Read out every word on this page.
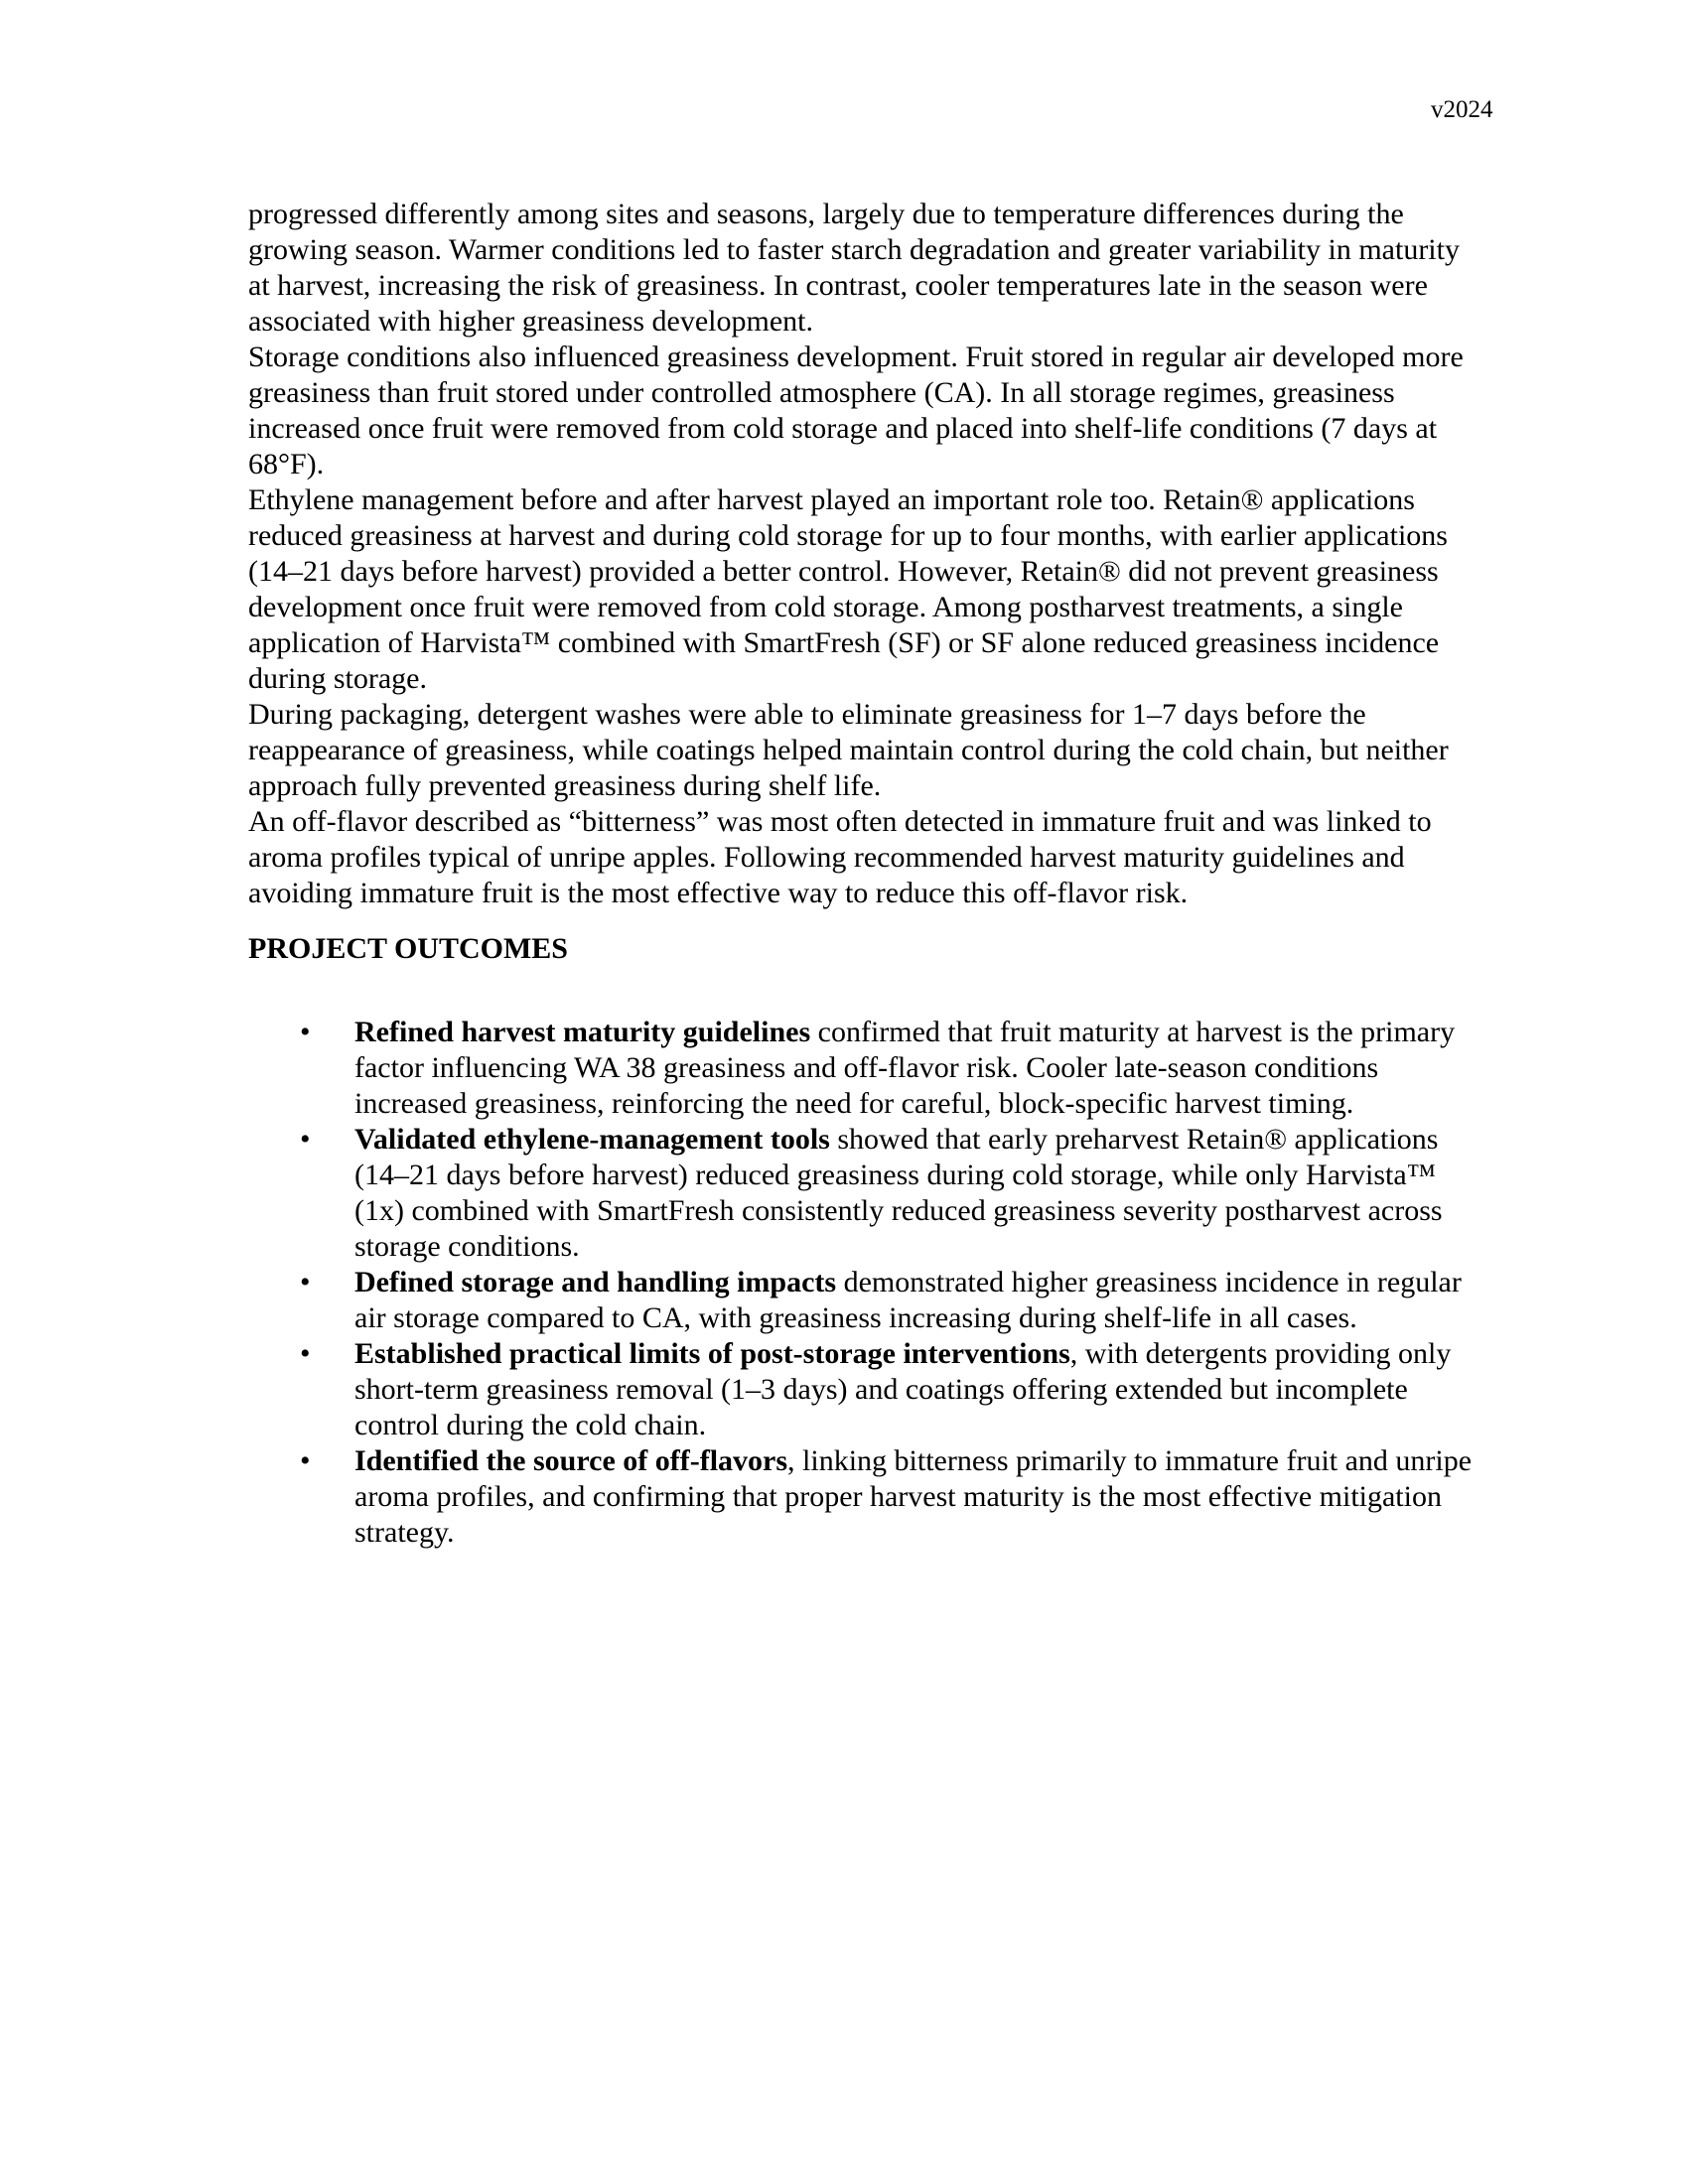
v2024

progressed differently among sites and seasons, largely due to temperature differences during the growing season. Warmer conditions led to faster starch degradation and greater variability in maturity at harvest, increasing the risk of greasiness. In contrast, cooler temperatures late in the season were associated with higher greasiness development.

Storage conditions also influenced greasiness development. Fruit stored in regular air developed more greasiness than fruit stored under controlled atmosphere (CA). In all storage regimes, greasiness increased once fruit were removed from cold storage and placed into shelf-life conditions (7 days at 68°F).

Ethylene management before and after harvest played an important role too. Retain® applications reduced greasiness at harvest and during cold storage for up to four months, with earlier applications (14–21 days before harvest) provided a better control. However, Retain® did not prevent greasiness development once fruit were removed from cold storage. Among postharvest treatments, a single application of Harvista™ combined with SmartFresh (SF) or SF alone reduced greasiness incidence during storage.

During packaging, detergent washes were able to eliminate greasiness for 1–7 days before the reappearance of greasiness, while coatings helped maintain control during the cold chain, but neither approach fully prevented greasiness during shelf life.

An off-flavor described as “bitterness” was most often detected in immature fruit and was linked to aroma profiles typical of unripe apples. Following recommended harvest maturity guidelines and avoiding immature fruit is the most effective way to reduce this off-flavor risk.

PROJECT OUTCOMES

• Refined harvest maturity guidelines confirmed that fruit maturity at harvest is the primary factor influencing WA 38 greasiness and off-flavor risk. Cooler late-season conditions increased greasiness, reinforcing the need for careful, block-specific harvest timing.
• Validated ethylene-management tools showed that early preharvest Retain® applications (14–21 days before harvest) reduced greasiness during cold storage, while only Harvista™ (1x) combined with SmartFresh consistently reduced greasiness severity postharvest across storage conditions.
• Defined storage and handling impacts demonstrated higher greasiness incidence in regular air storage compared to CA, with greasiness increasing during shelf-life in all cases.
• Established practical limits of post-storage interventions, with detergents providing only short-term greasiness removal (1–3 days) and coatings offering extended but incomplete control during the cold chain.
• Identified the source of off-flavors, linking bitterness primarily to immature fruit and unripe aroma profiles, and confirming that proper harvest maturity is the most effective mitigation strategy.
